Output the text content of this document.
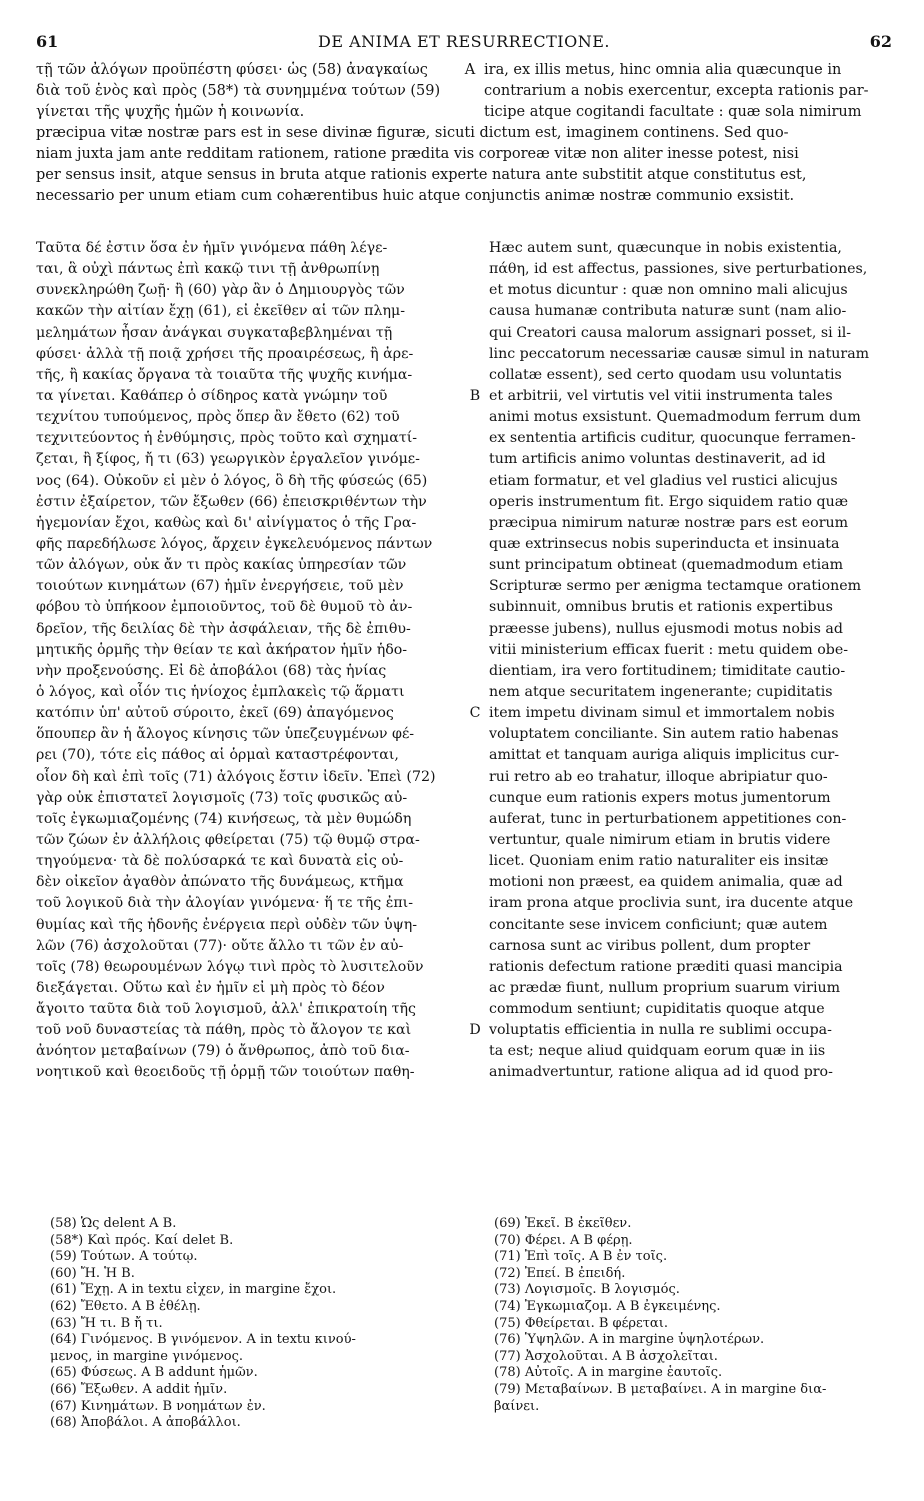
61	DE ANIMA ET RESURRECTIONE.	62
τῇ τῶν ἀλόγων προϋπέστη φύσει· ὡς (58) ἀναγκαίως	A ira, ex illis metus, hinc omnia alia quæcunque in
διὰ τοῦ ἑνὸς καὶ πρὸς (58*) τὰ συνημμένα τούτων (59)	contrarium a nobis exercentur, excepta rationis par-
γίνεται τῆς ψυχῆς ἡμῶν ἡ κοινωνία.	ticipe atque cogitandi facultate : quæ sola nimirum
præcipua vitæ nostræ pars est in sese divinæ figuræ, sicuti dictum est, imaginem continens. Sed quo-
niam juxta jam ante redditam rationem, ratione prædita vis corporeæ vitæ non aliter inesse potest, nisi
per sensus insit, atque sensus in bruta atque rationis experte natura ante substitit atque constitutus est,
necessario per unum etiam cum cohærentibus huic atque conjunctis animæ nostræ communio exsistit.
Ταῦτα δέ ἐστιν ὅσα ἐν ἡμῖν γινόμενα πάθη λέγε-	Hæc autem sunt, quæcunque in nobis existentia,
ται, ἃ οὐχὶ πάντως ἐπὶ κακῷ τινι τῇ ἀνθρωπίνῃ	πάθη, id est affectus, passiones, sive perturbationes,
συνεκληρώθη ζωῇ· ἢ (60) γὰρ ἂν ὁ Δημιουργὸς τῶν	et motus dicuntur : quæ non omnino mali alicujus
κακῶν τὴν αἰτίαν ἔχῃ (61), εἰ ἐκεῖθεν αἱ τῶν πλημ-	causa humanæ contributa naturæ sunt (nam alio-
μελημάτων ἦσαν ἀνάγκαι συγκαταβεβλημέναι τῇ	qui Creatori causa malorum assignari posset, si il-
φύσει· ἀλλὰ τῇ ποιᾷ χρήσει τῆς προαιρέσεως, ἢ ἀρε-	linc peccatorum necessariæ causæ simul in naturam
τῆς, ἢ κακίας ὄργανα τὰ τοιαῦτα τῆς ψυχῆς κινήμα-	collatæ essent), sed certo quodam usu voluntatis
τα γίνεται. Καθάπερ ὁ σίδηρος κατὰ γνώμην τοῦ	B et arbitrii, vel virtutis vel vitii instrumenta tales
τεχνίτου τυπούμενος, πρὸς ὅπερ ἂν ἔθετο (62) τοῦ	animi motus exsistunt. Quemadmodum ferrum dum
τεχνιτεύοντος ἡ ἐνθύμησις, πρὸς τοῦτο καὶ σχηματί-	ex sententia artificis cuditur, quocunque ferramen-
ζεται, ἢ ξίφος, ἤ τι (63) γεωργικὸν ἐργαλεῖον γινόμε-	tum artificis animo voluntas destinaverit, ad id
νος (64). Οὐκοῦν εἰ μὲν ὁ λόγος, ὃ δὴ τῆς φύσεώς (65)	etiam formatur, et vel gladius vel rustici alicujus
ἐστιν ἐξαίρετον, τῶν ἔξωθεν (66) ἐπεισκριθέντων τὴν	operis instrumentum fit. Ergo siquidem ratio quæ
ἡγεμονίαν ἔχοι, καθὼς καὶ δι' αἰνίγματος ὁ τῆς Γρα-	præcipua nimirum naturæ nostræ pars est eorum
φῆς παρεδήλωσε λόγος, ἄρχειν ἐγκελευόμενος πάντων	quæ extrinsecus nobis superinducta et insinuata
τῶν ἀλόγων, οὐκ ἄν τι πρὸς κακίας ὑπηρεσίαν τῶν	sunt principatum obtineat (quemadmodum etiam
τοιούτων κινημάτων (67) ἡμῖν ἐνεργήσειε, τοῦ μὲν	Scripturæ sermo per ænigma tectamque orationem
φόβου τὸ ὑπήκοον ἐμποιοῦντος, τοῦ δὲ θυμοῦ τὸ ἀν-	subinnuit, omnibus brutis et rationis expertibus
δρεῖον, τῆς δειλίας δὲ τὴν ἀσφάλειαν, τῆς δὲ ἐπιθυ-	præesse jubens), nullus ejusmodi motus nobis ad
μητικῆς ὁρμῆς τὴν θείαν τε καὶ ἀκήρατον ἡμῖν ἡδο-	vitii ministerium efficax fuerit : metu quidem obe-
νὴν προξενούσης. Εἰ δὲ ἀποβάλοι (68) τὰς ἡνίας	dientiam, ira vero fortitudinem; timiditate cautio-
ὁ λόγος, καὶ οἷόν τις ἡνίοχος ἐμπλακεὶς τῷ ἅρματι	nem atque securitatem ingenerante; cupiditatis
κατόπιν ὑπ' αὐτοῦ σύροιτο, ἐκεῖ (69) ἀπαγόμενος	C item impetu divinam simul et immortalem nobis
ὅπουπερ ἂν ἡ ἄλογος κίνησις τῶν ὑπεζευγμένων φέ-	voluptatem conciliante. Sin autem ratio habenas
ρει (70), τότε εἰς πάθος αἱ ὁρμαὶ καταστρέφονται,	amittat et tanquam auriga aliquis implicitus cur-
οἷον δὴ καὶ ἐπὶ τοῖς (71) ἀλόγοις ἔστιν ἰδεῖν. Ἐπεὶ (72)	rui retro ab eo trahatur, illoque abripiatur quo-
γὰρ οὐκ ἐπιστατεῖ λογισμοῖς (73) τοῖς φυσικῶς αὐ-	cunque eum rationis expers motus jumentorum
τοῖς ἐγκωμιαζομένης (74) κινήσεως, τὰ μὲν θυμώδη	auferat, tunc in perturbationem appetitiones con-
τῶν ζώων ἐν ἀλλήλοις φθείρεται (75) τῷ θυμῷ στρα-	vertuntur, quale nimirum etiam in brutis videre
τηγούμενα· τὰ δὲ πολύσαρκά τε καὶ δυνατὰ εἰς οὐ-	licet. Quoniam enim ratio naturaliter eis insitæ
δὲν οἰκεῖον ἀγαθὸν ἀπώνατο τῆς δυνάμεως, κτῆμα	motioni non præest, ea quidem animalia, quæ ad
τοῦ λογικοῦ διὰ τὴν ἀλογίαν γινόμενα· ἥ τε τῆς ἐπι-	iram prona atque proclivia sunt, ira ducente atque
θυμίας καὶ τῆς ἡδονῆς ἐνέργεια περὶ οὐδὲν τῶν ὑψη-	concitante sese invicem conficiunt; quæ autem
λῶν (76) ἀσχολοῦται (77)· οὔτε ἄλλο τι τῶν ἐν αὐ-	carnosa sunt ac viribus pollent, dum propter
τοῖς (78) θεωρουμένων λόγῳ τινὶ πρὸς τὸ λυσιτελοῦν	rationis defectum ratione præditi quasi mancipia
διεξάγεται. Οὕτω καὶ ἐν ἡμῖν εἰ μὴ πρὸς τὸ δέον	ac prædæ fiunt, nullum proprium suarum virium
ἄγοιτο ταῦτα διὰ τοῦ λογισμοῦ, ἀλλ' ἐπικρατοίη τῆς	commodum sentiunt; cupiditatis quoque atque
τοῦ νοῦ δυναστείας τὰ πάθη, πρὸς τὸ ἄλογον τε καὶ	D voluptatis efficientia in nulla re sublimi occupa-
ἀνόητον μεταβαίνων (79) ὁ ἄνθρωπος, ἀπὸ τοῦ δια-	ta est; neque aliud quidquam eorum quæ in iis
νοητικοῦ καὶ θεοειδοῦς τῇ ὁρμῇ τῶν τοιούτων παθη-	animadvertuntur, ratione aliqua ad id quod pro-
(58) Ὡς delent A B.
(58*) Καὶ πρός. Καί delet B.
(59) Τούτων. A τούτῳ.
(60) Ἤ. Ἡ B.
(61) Ἔχῃ. A in textu εἶχεν, in margine ἔχοι.
(62) Ἔθετο. A B ἐθέλῃ.
(63) Ἤ τι. B ἤ τι.
(64) Γινόμενος. B γινόμενον. A in textu κινού-
μενος, in margine γινόμενος.
(65) Φύσεως. A B addunt ἡμῶν.
(66) Ἔξωθεν. A addit ἡμῖν.
(67) Κινημάτων. B νοημάτων ἐν.
(68) Ἀποβάλοι. A ἀποβάλλοι.
(69) Ἐκεῖ. B ἐκεῖθεν.
(70) Φέρει. A B φέρῃ.
(71) Ἐπὶ τοῖς. A B ἐν τοῖς.
(72) Ἐπεί. B ἐπειδή.
(73) Λογισμοῖς. B λογισμός.
(74) Ἐγκωμιαζομ. A B ἐγκειμένης.
(75) Φθείρεται. B φέρεται.
(76) Ὑψηλῶν. A in margine ὑψηλοτέρων.
(77) Ἀσχολοῦται. A B ἀσχολεῖται.
(78) Αὐτοῖς. A in margine ἑαυτοῖς.
(79) Μεταβαίνων. B μεταβαίνει. A in margine δια-
βαίνει.
